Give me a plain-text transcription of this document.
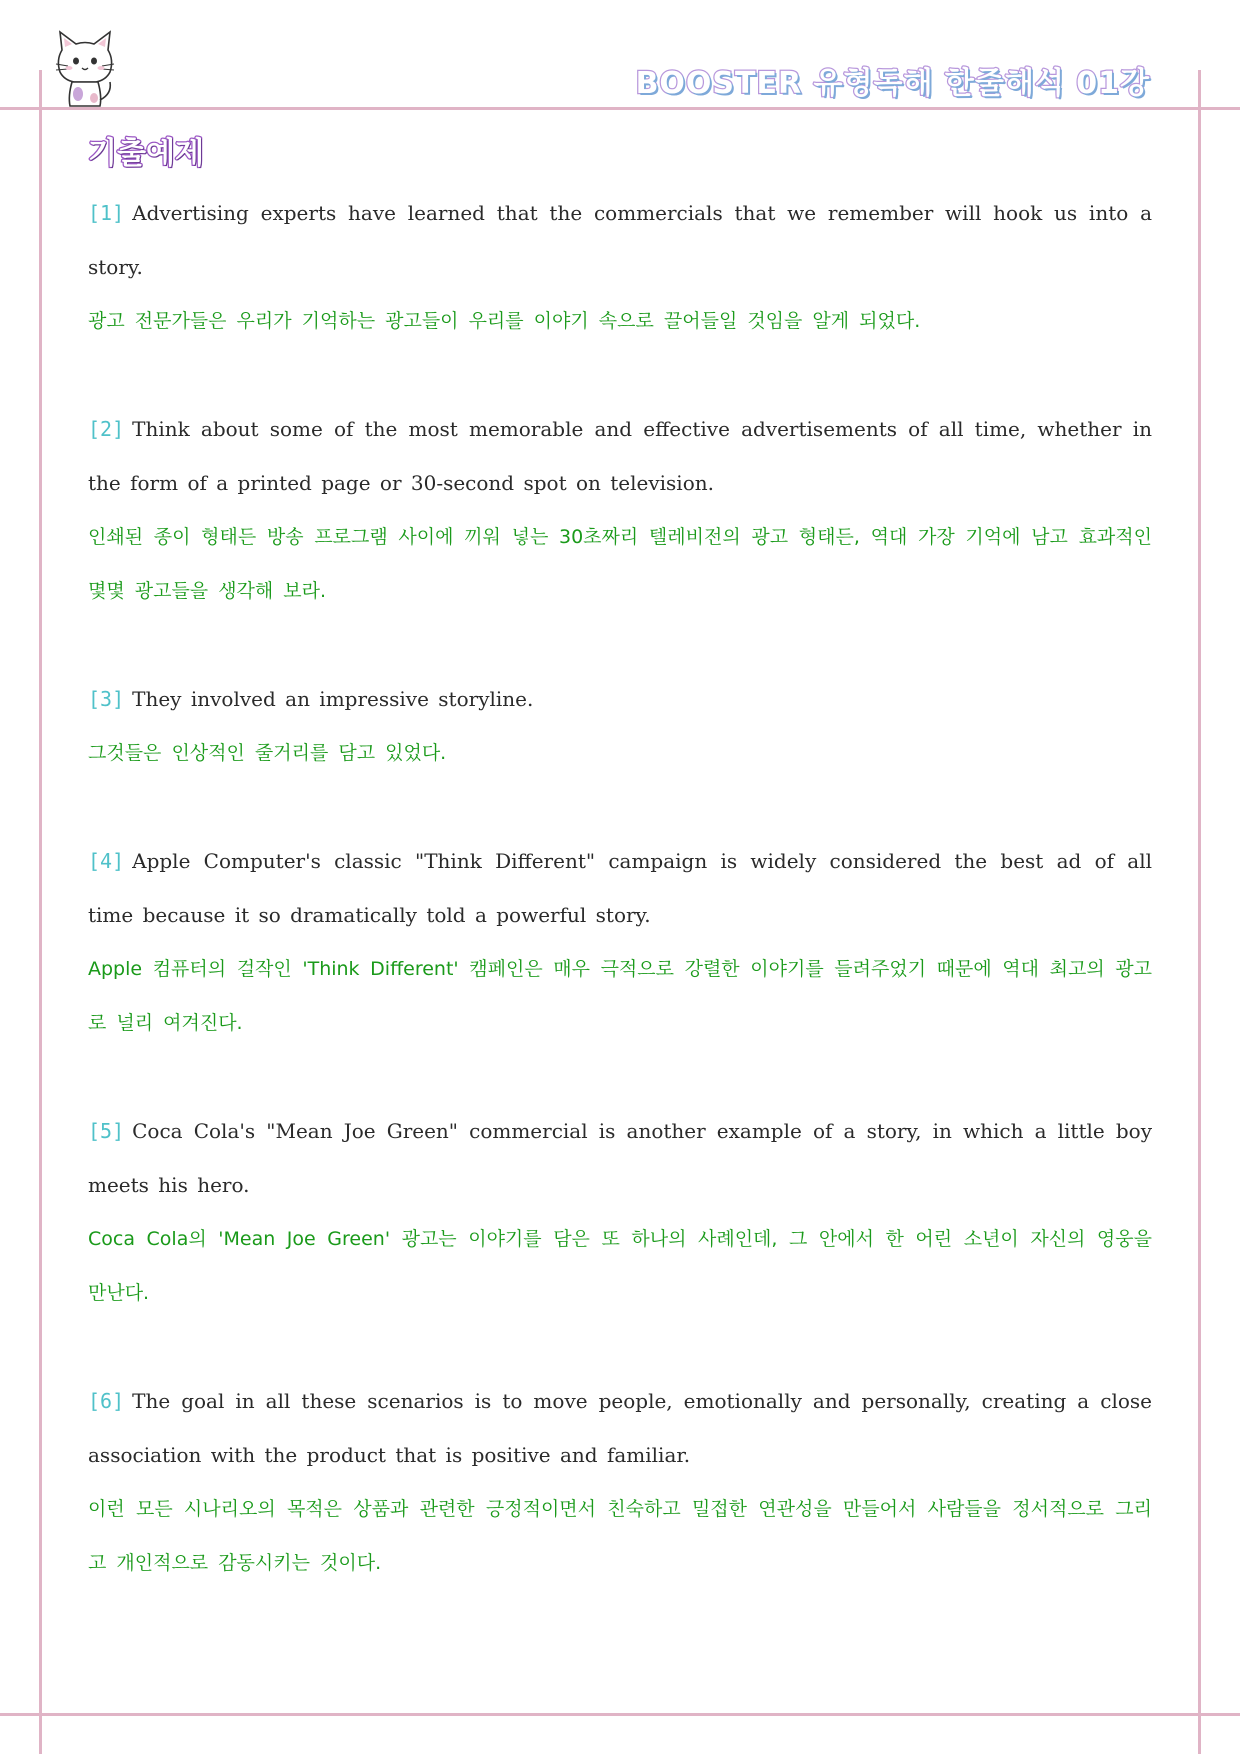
BOOSTER 유형독해 한줄해석 01강
기출예제

[1] Advertising experts have learned that the commercials that we remember will hook us into a story.

광고 전문가들은 우리가 기억하는 광고들이 우리를 이야기 속으로 끌어들일 것임을 알게 되었다.

[2] Think about some of the most memorable and effective advertisements of all time, whether in the form of a printed page or 30-second spot on television.

인쇄된 종이 형태든 방송 프로그램 사이에 끼워 넣는 30초짜리 텔레비전의 광고 형태든, 역대 가장 기억에 남고 효과적인 몇몇 광고들을 생각해 보라.

[3] They involved an impressive storyline.

그것들은 인상적인 줄거리를 담고 있었다.

[4] Apple Computer's classic "Think Different" campaign is widely considered the best ad of all time because it so dramatically told a powerful story.

Apple 컴퓨터의 걸작인 'Think Different' 캠페인은 매우 극적으로 강렬한 이야기를 들려주었기 때문에 역대 최고의 광고로 널리 여겨진다.

[5] Coca Cola's "Mean Joe Green" commercial is another example of a story, in which a little boy meets his hero.

Coca Cola의 'Mean Joe Green' 광고는 이야기를 담은 또 하나의 사례인데, 그 안에서 한 어린 소년이 자신의 영웅을 만난다.

[6] The goal in all these scenarios is to move people, emotionally and personally, creating a close association with the product that is positive and familiar.

이런 모든 시나리오의 목적은 상품과 관련한 긍정적이면서 친숙하고 밀접한 연관성을 만들어서 사람들을 정서적으로 그리고 개인적으로 감동시키는 것이다.
